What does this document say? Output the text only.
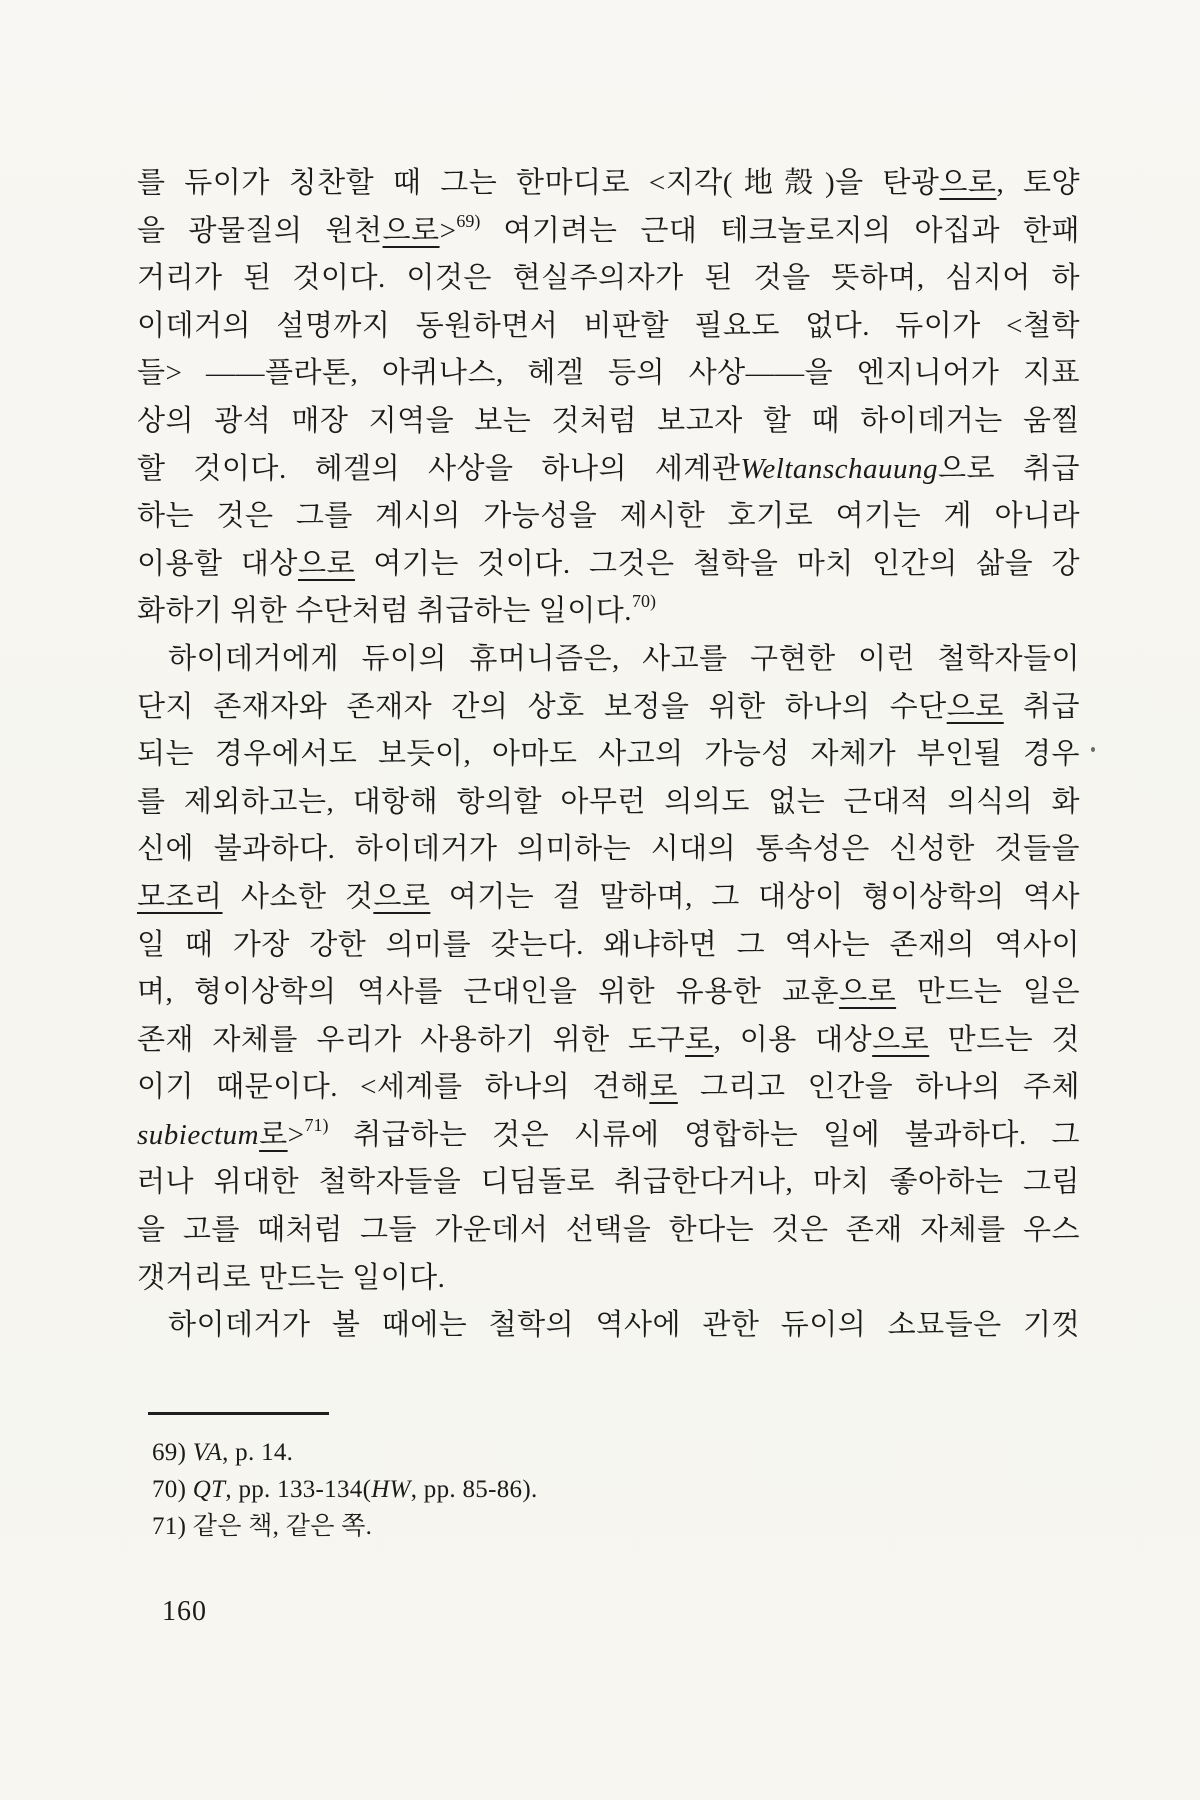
를 듀이가 칭찬할 때 그는 한마디로 <지각(地殼)을 탄광으로, 토양
을 광물질의 원천으로>$^{69)}$ 여기려는 근대 테크놀로지의 아집과 한패
거리가 된 것이다. 이것은 현실주의자가 된 것을 뜻하며, 심지어 하
이데거의 설명까지 동원하면서 비판할 필요도 없다. 듀이가 <철학
들> ——플라톤, 아퀴나스, 헤겔 등의 사상——을 엔지니어가 지표
상의 광석 매장 지역을 보는 것처럼 보고자 할 때 하이데거는 움찔
할 것이다. 헤겔의 사상을 하나의 세계관Weltanschauung으로 취급
하는 것은 그를 계시의 가능성을 제시한 호기로 여기는 게 아니라
이용할 대상으로 여기는 것이다. 그것은 철학을 마치 인간의 삶을 강
화하기 위한 수단처럼 취급하는 일이다.$^{70)}$
하이데거에게 듀이의 휴머니즘은, 사고를 구현한 이런 철학자들이
단지 존재자와 존재자 간의 상호 보정을 위한 하나의 수단으로 취급
되는 경우에서도 보듯이, 아마도 사고의 가능성 자체가 부인될 경우
를 제외하고는, 대항해 항의할 아무런 의의도 없는 근대적 의식의 화
신에 불과하다. 하이데거가 의미하는 시대의 통속성은 신성한 것들을
모조리 사소한 것으로 여기는 걸 말하며, 그 대상이 형이상학의 역사
일 때 가장 강한 의미를 갖는다. 왜냐하면 그 역사는 존재의 역사이
며, 형이상학의 역사를 근대인을 위한 유용한 교훈으로 만드는 일은
존재 자체를 우리가 사용하기 위한 도구로, 이용 대상으로 만드는 것
이기 때문이다. <세계를 하나의 견해로 그리고 인간을 하나의 주체
subiectum로>$^{71)}$ 취급하는 것은 시류에 영합하는 일에 불과하다. 그
러나 위대한 철학자들을 디딤돌로 취급한다거나, 마치 좋아하는 그림
을 고를 때처럼 그들 가운데서 선택을 한다는 것은 존재 자체를 우스
갯거리로 만드는 일이다.
하이데거가 볼 때에는 철학의 역사에 관한 듀이의 소묘들은 기껏
69) VA, p. 14.
70) QT, pp. 133-134(HW, pp. 85-86).
71) 같은 책, 같은 쪽.
160
